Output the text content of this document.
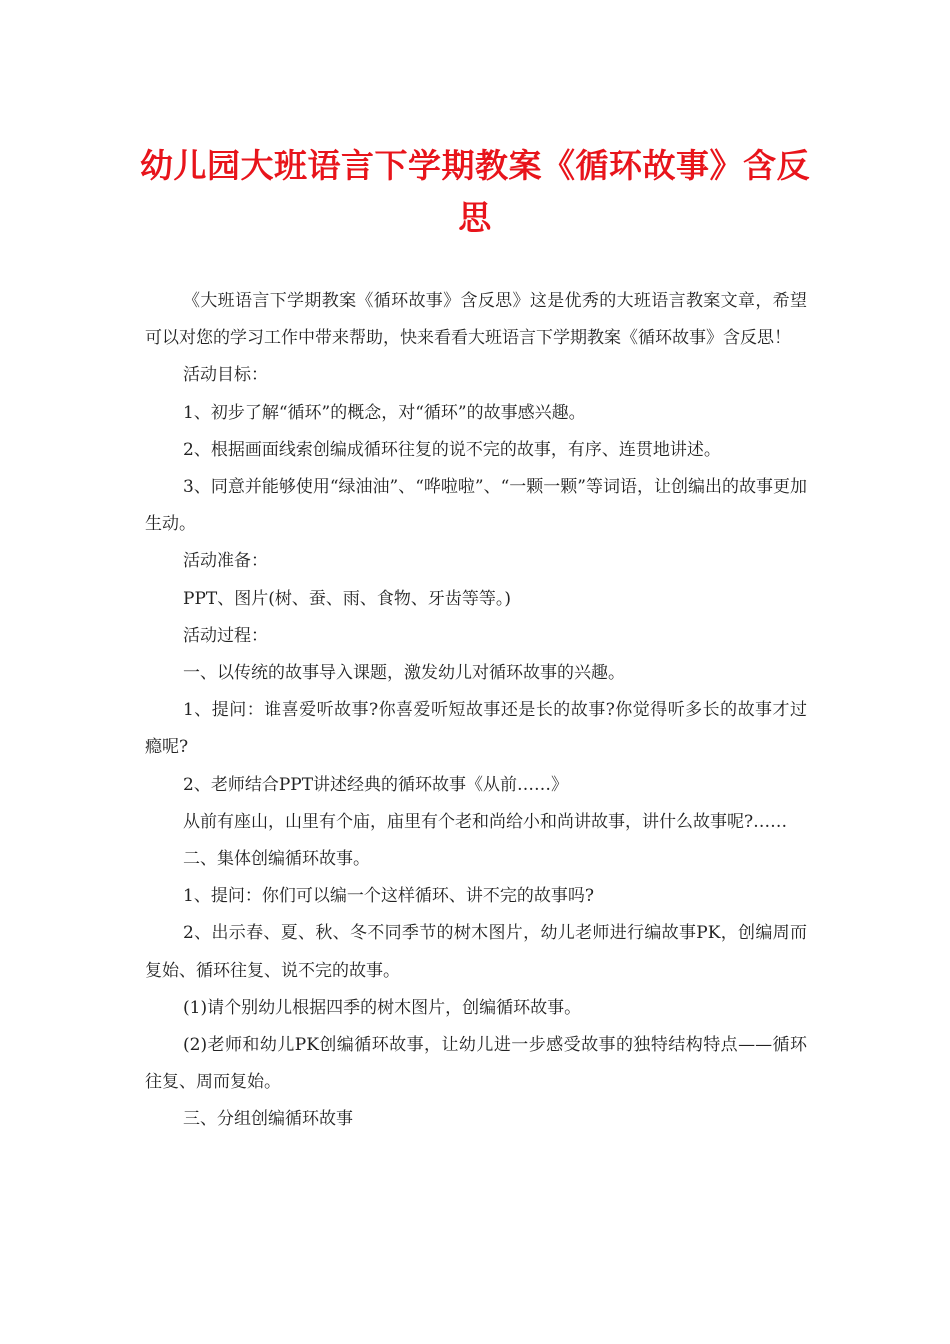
幼儿园大班语言下学期教案《循环故事》含反思

《大班语言下学期教案《循环故事》含反思》这是优秀的大班语言教案文章，希望可以对您的学习工作中带来帮助，快来看看大班语言下学期教案《循环故事》含反思！

活动目标：

1、初步了解“循环”的概念，对“循环”的故事感兴趣。

2、根据画面线索创编成循环往复的说不完的故事，有序、连贯地讲述。

3、同意并能够使用“绿油油”、“哗啦啦”、“一颗一颗”等词语，让创编出的故事更加生动。

活动准备：

PPT、图片(树、蚕、雨、食物、牙齿等等。)

活动过程：

一、以传统的故事导入课题，激发幼儿对循环故事的兴趣。

1、提问：谁喜爱听故事?你喜爱听短故事还是长的故事?你觉得听多长的故事才过瘾呢?

2、老师结合PPT讲述经典的循环故事《从前……》

从前有座山，山里有个庙，庙里有个老和尚给小和尚讲故事，讲什么故事呢?……

二、集体创编循环故事。

1、提问：你们可以编一个这样循环、讲不完的故事吗?

2、出示春、夏、秋、冬不同季节的树木图片，幼儿老师进行编故事PK，创编周而复始、循环往复、说不完的故事。

(1)请个别幼儿根据四季的树木图片，创编循环故事。

(2)老师和幼儿PK创编循环故事，让幼儿进一步感受故事的独特结构特点——循环往复、周而复始。

三、分组创编循环故事
